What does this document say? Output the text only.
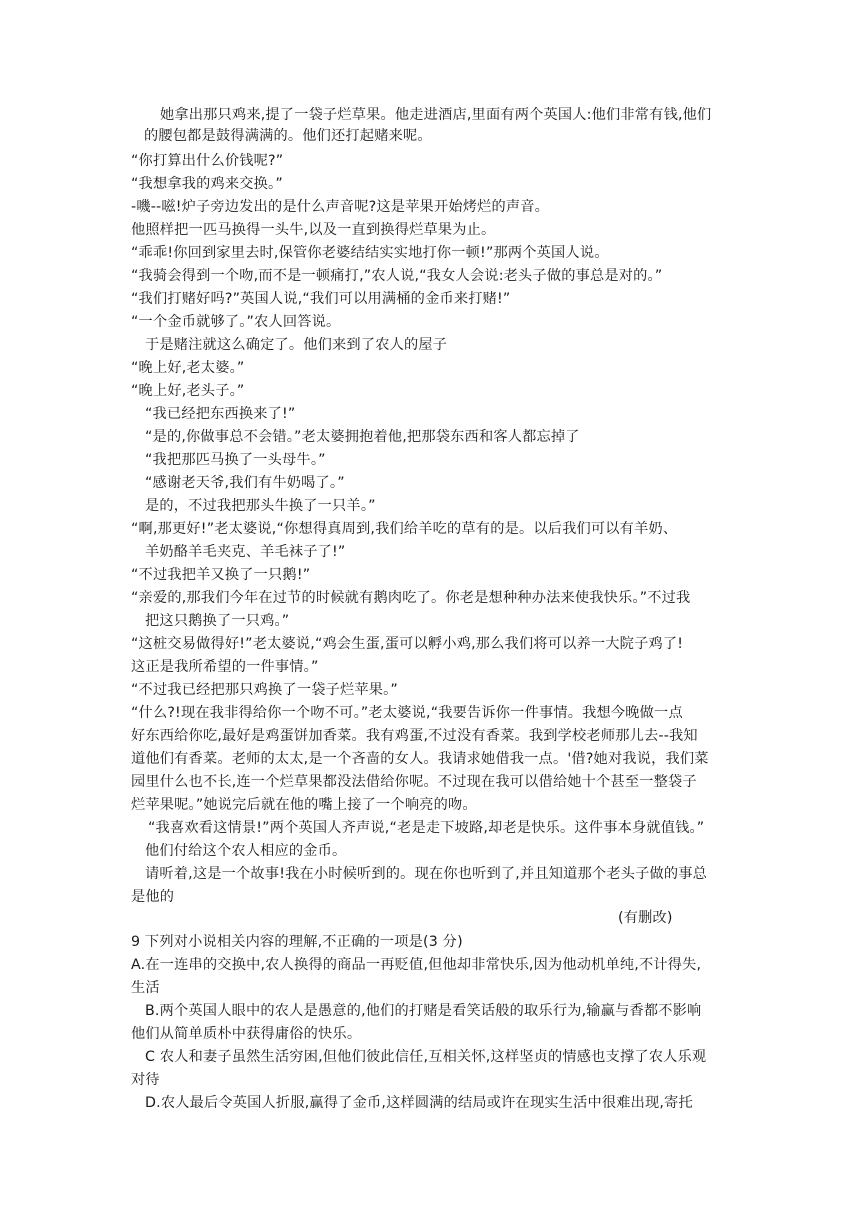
她拿出那只鸡来,提了一袋子烂草果。他走进酒店,里面有两个英国人:他们非常有钱,他们
的腰包都是鼓得满满的。他们还打起赌来呢。
“你打算出什么价钱呢?”
“我想拿我的鸡来交换。”
-嘰--嗞!炉子旁边发出的是什么声音呢?这是苹果开始烤烂的声音。
他照样把一匹马换得一头牛,以及一直到换得烂草果为止。
“乖乖!你回到家里去时,保管你老婆结结实实地打你一顿!”那两个英国人说。
“我骑会得到一个吻,而不是一顿痛打,”农人说,“我女人会说:老头子做的事总是对的。”
“我们打赌好吗?”英国人说,“我们可以用满桶的金币来打赌!”
“一个金币就够了。”农人回答说。
于是赌注就这么确定了。他们来到了农人的屋子
“晚上好,老太婆。”
“晚上好,老头子。”
“我已经把东西换来了!”
“是的,你做事总不会错。”老太婆拥抱着他,把那袋东西和客人都忘掉了
“我把那匹马换了一头母牛。”
“感谢老天爷,我们有牛奶喝了。”
是的，不过我把那头牛换了一只羊。”
“啊,那更好!”老太婆说,“你想得真周到,我们给羊吃的草有的是。以后我们可以有羊奶、
羊奶酪羊毛夹克、羊毛袜子了!”
“不过我把羊又换了一只鹅!”
“亲爱的,那我们今年在过节的时候就有鹅肉吃了。你老是想种种办法来使我快乐。”不过我
把这只鹅换了一只鸡。”
“这桩交易做得好!”老太婆说,“鸡会生蛋,蛋可以孵小鸡,那么我们将可以养一大院子鸡了!
这正是我所希望的一件事情。”
“不过我已经把那只鸡换了一袋子烂苹果。”
“什么?!现在我非得给你一个吻不可。”老太婆说,“我要告诉你一件事情。我想今晚做一点
好东西给你吃,最好是鸡蛋饼加香菜。我有鸡蛋,不过没有香菜。我到学校老师那儿去--我知
道他们有香菜。老师的太太,是一个吝啬的女人。我请求她借我一点。'借?她对我说，我们菜
园里什么也不长,连一个烂草果都没法借给你呢。不过现在我可以借给她十个甚至一整袋子
烂苹果呢。”她说完后就在他的嘴上接了一个响亮的吻。
“我喜欢看这情景!”两个英国人齐声说,“老是走下坡路,却老是快乐。这件事本身就值钱。”
他们付给这个农人相应的金币。
请听着,这是一个故事!我在小时候听到的。现在你也听到了,并且知道那个老头子做的事总
是他的
(有删改)
9 下列对小说相关内容的理解,不正确的一项是(3 分)
A.在一连串的交换中,农人换得的商品一再贬值,但他却非常快乐,因为他动机单纯,不计得失,
生活
B.两个英国人眼中的农人是愚意的,他们的打赌是看笑话般的取乐行为,输赢与香都不影响
他们从简单质朴中获得庸俗的快乐。
C 农人和妻子虽然生活穷困,但他们彼此信任,互相关怀,这样坚贞的情感也支撑了农人乐观
对待
D.农人最后令英国人折服,赢得了金币,这样圆满的结局或许在现实生活中很难出现,寄托
